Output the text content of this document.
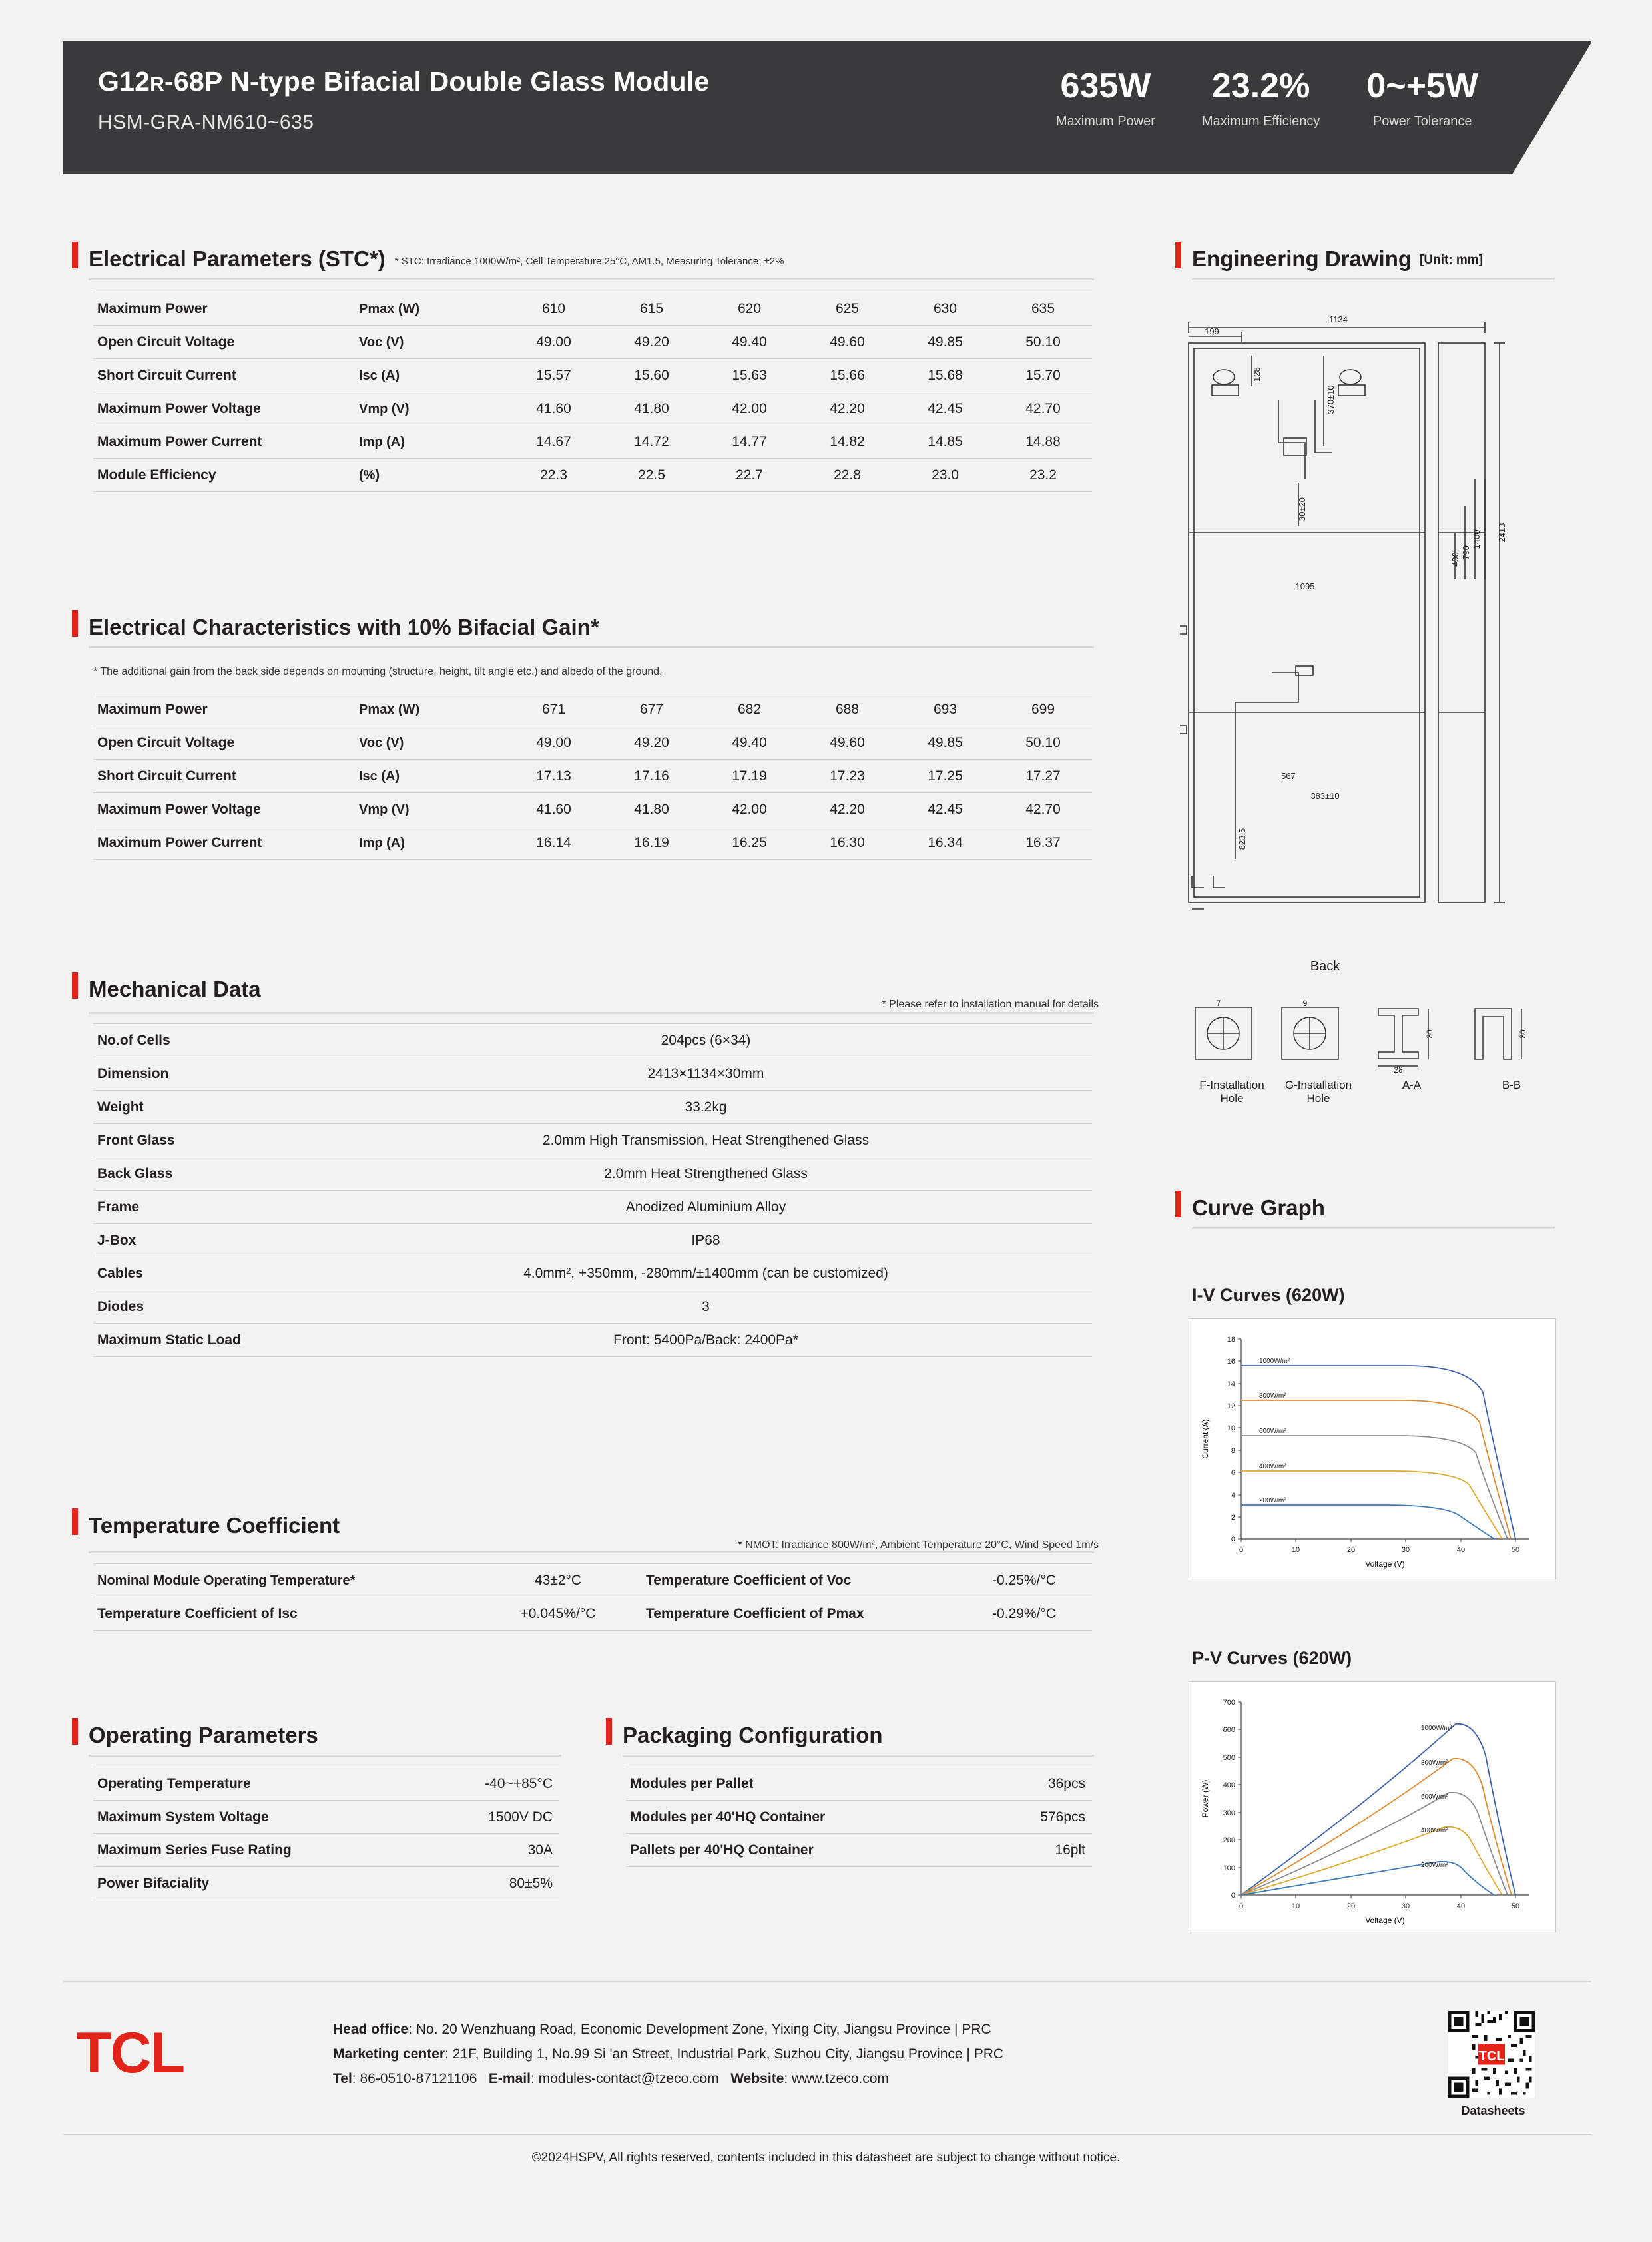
G12R-68P N-type Bifacial Double Glass Module
HSM-GRA-NM610~635
635W
Maximum Power
23.2%
Maximum Efficiency
0~+5W
Power Tolerance
Electrical Parameters (STC*) * STC: Irradiance 1000W/m², Cell Temperature 25°C, AM1.5, Measuring Tolerance: ±2%
Maximum Power	Pmax (W)	610	615	620	625	630	635
Open Circuit Voltage	Voc (V)	49.00	49.20	49.40	49.60	49.85	50.10
Short Circuit Current	Isc (A)	15.57	15.60	15.63	15.66	15.68	15.70
Maximum Power Voltage	Vmp (V)	41.60	41.80	42.00	42.20	42.45	42.70
Maximum Power Current	Imp (A)	14.67	14.72	14.77	14.82	14.85	14.88
Module Efficiency	(%)	22.3	22.5	22.7	22.8	23.0	23.2
Electrical Characteristics with 10% Bifacial Gain*
* The additional gain from the back side depends on mounting (structure, height, tilt angle etc.) and albedo of the ground.
Maximum Power	Pmax (W)	671	677	682	688	693	699
Open Circuit Voltage	Voc (V)	49.00	49.20	49.40	49.60	49.85	50.10
Short Circuit Current	Isc (A)	17.13	17.16	17.19	17.23	17.25	17.27
Maximum Power Voltage	Vmp (V)	41.60	41.80	42.00	42.20	42.45	42.70
Maximum Power Current	Imp (A)	16.14	16.19	16.25	16.30	16.34	16.37
Mechanical Data
* Please refer to installation manual for details
No.of Cells	204pcs (6×34)
Dimension	2413×1134×30mm
Weight	33.2kg
Front Glass	2.0mm High Transmission, Heat Strengthened Glass
Back Glass	2.0mm Heat Strengthened Glass
Frame	Anodized Aluminium Alloy
J-Box	IP68
Cables	4.0mm², +350mm, -280mm/±1400mm (can be customized)
Diodes	3
Maximum Static Load	Front: 5400Pa/Back: 2400Pa*
Temperature Coefficient
* NMOT: Irradiance 800W/m², Ambient Temperature 20°C, Wind Speed 1m/s
Nominal Module Operating Temperature*	43±2°C	Temperature Coefficient of Voc	-0.25%/°C
Temperature Coefficient of Isc	+0.045%/°C	Temperature Coefficient of Pmax	-0.29%/°C
Operating Parameters
Operating Temperature	-40~+85°C
Maximum System Voltage	1500V DC
Maximum Series Fuse Rating	30A
Power Bifaciality	80±5%
Packaging Configuration
Modules per Pallet	36pcs
Modules per 40'HQ Container	576pcs
Pallets per 40'HQ Container	16plt
Engineering Drawing [Unit: mm]
1134
199
1095
567
383±10
128
370±10
30±20
400 790
1400 2413
823.5
Back
7	9
28
30	30
F-Installation
Hole
G-Installation
Hole
A-A	B-B
Curve Graph
I-V Curves (620W)
0
2
4
6
8
10
12
14
16
18
0	10	20	30	40	50
Voltage (V)
Current (A)
1000W/m²
800W/m²
600W/m²
400W/m²
200W/m²
P-V Curves (620W)
0
100
200
300
400
500
600
700
0	10	20	30	40	50
Voltage (V)
Power (W)
1000W/m²
800W/m²
600W/m²
400W/m²
200W/m²
TCL	Head office: No. 20 Wenzhuang Road, Economic Development Zone, Yixing City, Jiangsu Province | PRC
Marketing center: 21F, Building 1, No.99 Si 'an Street, Industrial Park, Suzhou City, Jiangsu Province | PRC
Tel: 86-0510-87121106 E-mail: modules-contact@tzeco.com Website: www.tzeco.com
TCL
Datasheets
©2024HSPV, All rights reserved, contents included in this datasheet are subject to change without notice.
